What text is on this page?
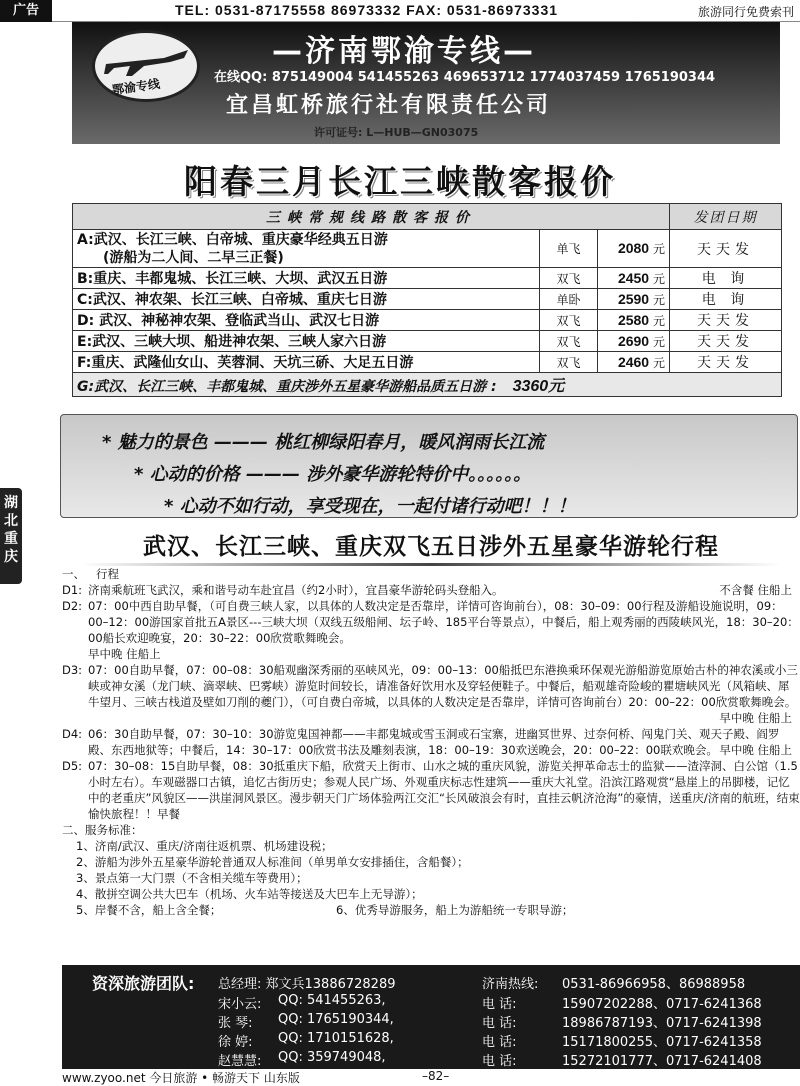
广告	TEL: 0531-87175558 86973332 FAX: 0531-86973331	旅游同行免费索刊
鄂渝专线
—济南鄂渝专线—
在线QQ: 875149004 541455263 469653712 1774037459 1765190344
宜昌虹桥旅行社有限责任公司
许可证号: L—HUB—GN03075
阳春三月长江三峡散客报价
三峡常规线路散客报价			发团日期

A:武汉、长江三峡、白帝城、重庆豪华经典五日游
(游船为二人间、二早三正餐)	单飞	2080 元	天天发
B:重庆、丰都鬼城、长江三峡、大坝、武汉五日游	双飞	2450 元	电 询
C:武汉、神农架、长江三峡、白帝城、重庆七日游	单卧	2590 元	电 询
D: 武汉、神秘神农架、登临武当山、武汉七日游	双飞	2580 元	天天发
E:武汉、三峡大坝、船进神农架、三峡人家六日游	双飞	2690 元	天天发
F:重庆、武隆仙女山、芙蓉洞、天坑三硚、大足五日游	双飞	2460 元	天天发
G:武汉、长江三峡、丰都鬼城、重庆涉外五星豪华游船品质五日游 : 3360元			
* 魅力的景色 ——— 桃红柳绿阳春月，暖风润雨长江流
* 心动的价格 ——— 涉外豪华游轮特价中。。。。。。
* 心动不如行动，享受现在，一起付诸行动吧！！！
湖
北
重
庆	武汉、长江三峡、重庆双飞五日涉外五星豪华游轮行程
一、 行程
D1: 济南乘航班飞武汉，乘和谐号动车赴宜昌（约2小时），宜昌豪华游轮码头登船入。	不含餐 住船上
D2: 07：00中西自助早餐，（可自费三峡人家，以具体的人数决定是否靠岸，详情可咨询前台），08：30–09：00行程及游船设施说明，09：00–12：00游国家首批五A景区---三峡大坝（双线五级船闸、坛子岭、185平台等景点），中餐后，船上观秀丽的西陵峡风光，18：30–20：00船长欢迎晚宴，20：30–22：00欣赏歌舞晚会。
早中晚 住船上
D3: 07：00自助早餐，07：00–08：30船观幽深秀丽的巫峡风光，09：00–13：00船抵巴东港换乘环保观光游船游览原始古朴的神农溪或小三峡或神女溪（龙门峡、滴翠峡、巴雾峡）游览时间较长，请准备好饮用水及穿轻便鞋子。中餐后，船观雄奇险峻的瞿塘峡风光（风箱峡、犀牛望月、三峡古栈道及壁如刀削的夔门），（可自费白帝城，以具体的人数决定是否靠岸，详情可咨询前台）20：00–22：00欣赏歌舞晚会。
早中晚 住船上
D4: 06：30自助早餐，07：30–10：30游览鬼国神都——丰都鬼城或雪玉洞或石宝寨，进幽冥世界、过奈何桥、闯鬼门关、观天子殿、阎罗殿、东西地狱等；中餐后，14：30–17：00欣赏书法及雕刻表演，18：00–19：30欢送晚会，20：00–22：00联欢晚会。 早中晚 住船上
D5: 07：30–08：15自助早餐，08：30抵重庆下船，欣赏天上街市、山水之城的重庆风貌，游览关押革命志士的监狱——渣滓洞、白公馆（1.5小时左右）。车观磁器口古镇，追忆古街历史；参观人民广场、外观重庆标志性建筑——重庆大礼堂。沿滨江路观赏“悬崖上的吊脚楼，记忆中的老重庆”风貌区——洪崖洞风景区。漫步朝天门广场体验两江交汇“长风破浪会有时，直挂云帆济沧海”的豪情，送重庆/济南的航班，结束愉快旅程！！早餐
二、服务标准：
1、济南/武汉、重庆/济南往返机票、机场建设税；
2、游船为涉外五星豪华游轮普通双人标准间（单男单女安排插住，含船餐）；
3、景点第一大门票（不含相关缆车等费用）；
4、散拼空调公共大巴车（机场、火车站等接送及大巴车上无导游）；
5、岸餐不含，船上含全餐；	6、优秀导游服务，船上为游船统一专职导游；
资深旅游团队: 总经理: 郑文兵13886728289	济南热线: 0531-86966958、86988958
宋小云: QQ: 541455263,	电 话:	15907202288、0717-6241368
张 琴: QQ: 1765190344,	电 话:	18986787193、0717-6241398
徐 婷: QQ: 1710151628,	电 话:	15171800255、0717-6241358
赵慧慧: QQ: 359749048,	电 话:	15272101777、0717-6241408
www.zyoo.net 今日旅游 • 畅游天下 山东版	–82–
